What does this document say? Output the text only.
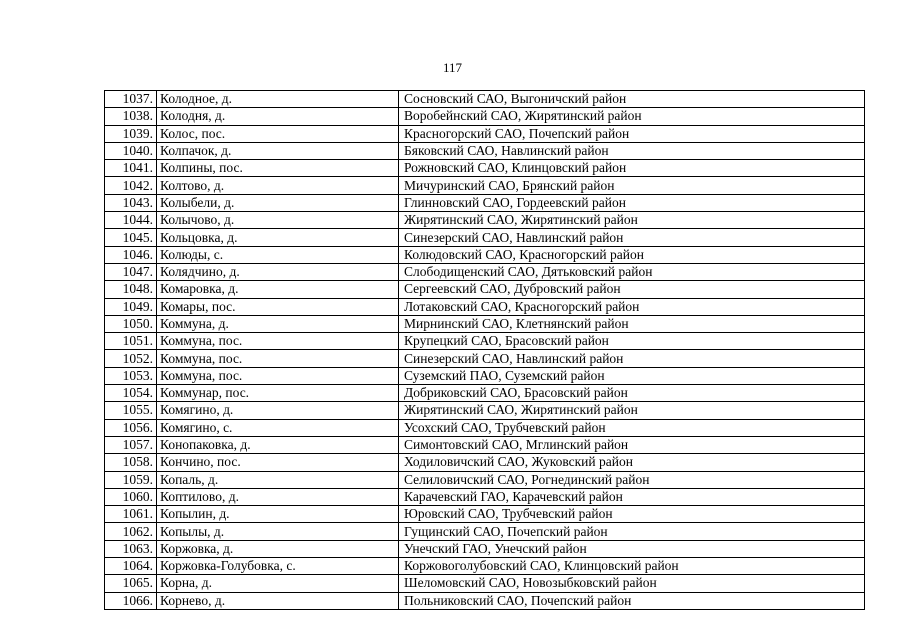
117
1037.	Колодное, д.	Сосновский САО, Выгоничский район
1038.	Колодня, д.	Воробейнский САО, Жирятинский район
1039.	Колос, пос.	Красногорский САО, Почепский район
1040.	Колпачок, д.	Бяковский САО, Навлинский район
1041.	Колпины, пос.	Рожновский САО, Клинцовский район
1042.	Колтово, д.	Мичуринский САО, Брянский район
1043.	Колыбели, д.	Глинновский САО, Гордеевский район
1044.	Колычово, д.	Жирятинский САО, Жирятинский район
1045.	Кольцовка, д.	Синезерский САО, Навлинский район
1046.	Колюды, с.	Колюдовский САО, Красногорский район
1047.	Колядчино, д.	Слободищенский САО, Дятьковский район
1048.	Комаровка, д.	Сергеевский САО, Дубровский район
1049.	Комары, пос.	Лотаковский САО, Красногорский район
1050.	Коммуна, д.	Мирнинский САО, Клетнянский район
1051.	Коммуна, пос.	Крупецкий САО, Брасовский район
1052.	Коммуна, пос.	Синезерский САО, Навлинский район
1053.	Коммуна, пос.	Суземский ПАО, Суземский район
1054.	Коммунар, пос.	Добриковский САО, Брасовский район
1055.	Комягино, д.	Жирятинский САО, Жирятинский район
1056.	Комягино, с.	Усохский САО, Трубчевский район
1057.	Конопаковка, д.	Симонтовский САО, Мглинский район
1058.	Кончино, пос.	Ходиловичский САО, Жуковский район
1059.	Копаль, д.	Селиловичский САО, Рогнединский район
1060.	Коптилово, д.	Карачевский ГАО, Карачевский район
1061.	Копылин, д.	Юровский САО, Трубчевский район
1062.	Копылы, д.	Гущинский САО, Почепский район
1063.	Коржовка, д.	Унечский ГАО, Унечский район
1064.	Коржовка-Голубовка, с.	Коржовоголубовский САО, Клинцовский район
1065.	Корна, д.	Шеломовский САО, Новозыбковский район
1066.	Корнево, д.	Польниковский САО, Почепский район
